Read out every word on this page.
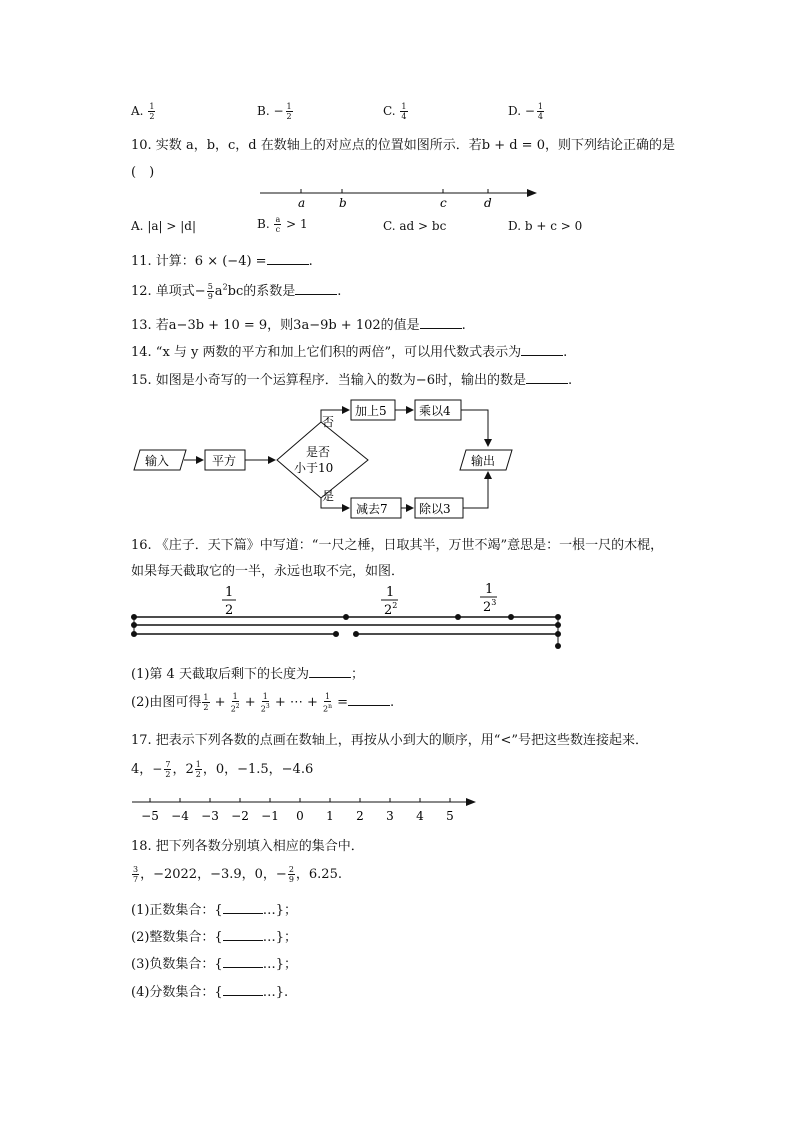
A. $\frac{1}{2}$	B. − $\frac{1}{2}$	C. $\frac{1}{4}$	D. − $\frac{1}{4}$
10. 实数 a，b，c，d 在数轴上的对应点的位置如图所示．若b + d = 0，则下列结论正确的是
(　)
a	b	c	d
A. |a| > |d|	B. $\frac{a}{c} > 1$	C. ad > bc	D. b + c > 0
11. 计算：6 × (−4) =	.
12. 单项式− $\frac{5}{9} a^2bc$的系数是	.
13. 若a−3b + 10 = 9，则3a−9b + 102的值是	.
14. “x 与 y 两数的平方和加上它们积的两倍”，可以用代数式表示为	.
15. 如图是小奇写的一个运算程序．当输入的数为−6时，输出的数是	.
输入	平方
是否
小于10
否
加上5	乘以4
是
减去7	除以3
输出
16. 《庄子．天下篇》中写道：“一尺之棰，日取其半，万世不竭”意思是：一根一尺的木棍，
如果每天截取它的一半，永远也取不完，如图．
1
2
1
$2^2$
1
$2^3$
(1)第 4 天截取后剩下的长度为	；
(2)由图可得 $\frac{1}{2} + \frac{1}{2^2} + \frac{1}{2^3}$ + ⋯ + $\frac{1}{2^n}$ =	.
17. 把表示下列各数的点画在数轴上，再按从小到大的顺序，用“<”号把这些数连接起来．
4，− $\frac{7}{2}$ ，$2 \frac{1}{2}$ ，0，−1.5，−4.6
−5 −4 −3 −2 −1 0 1 2 3 4 5
18. 把下列各数分别填入相应的集合中．
$\frac{3}{7}$ ，−2022，−3.9，0，− $\frac{2}{9}$ ，6.25.
(1)正数集合：{	…}；
(2)整数集合：{	…}；
(3)负数集合：{	…}；
(4)分数集合：{	…}.
